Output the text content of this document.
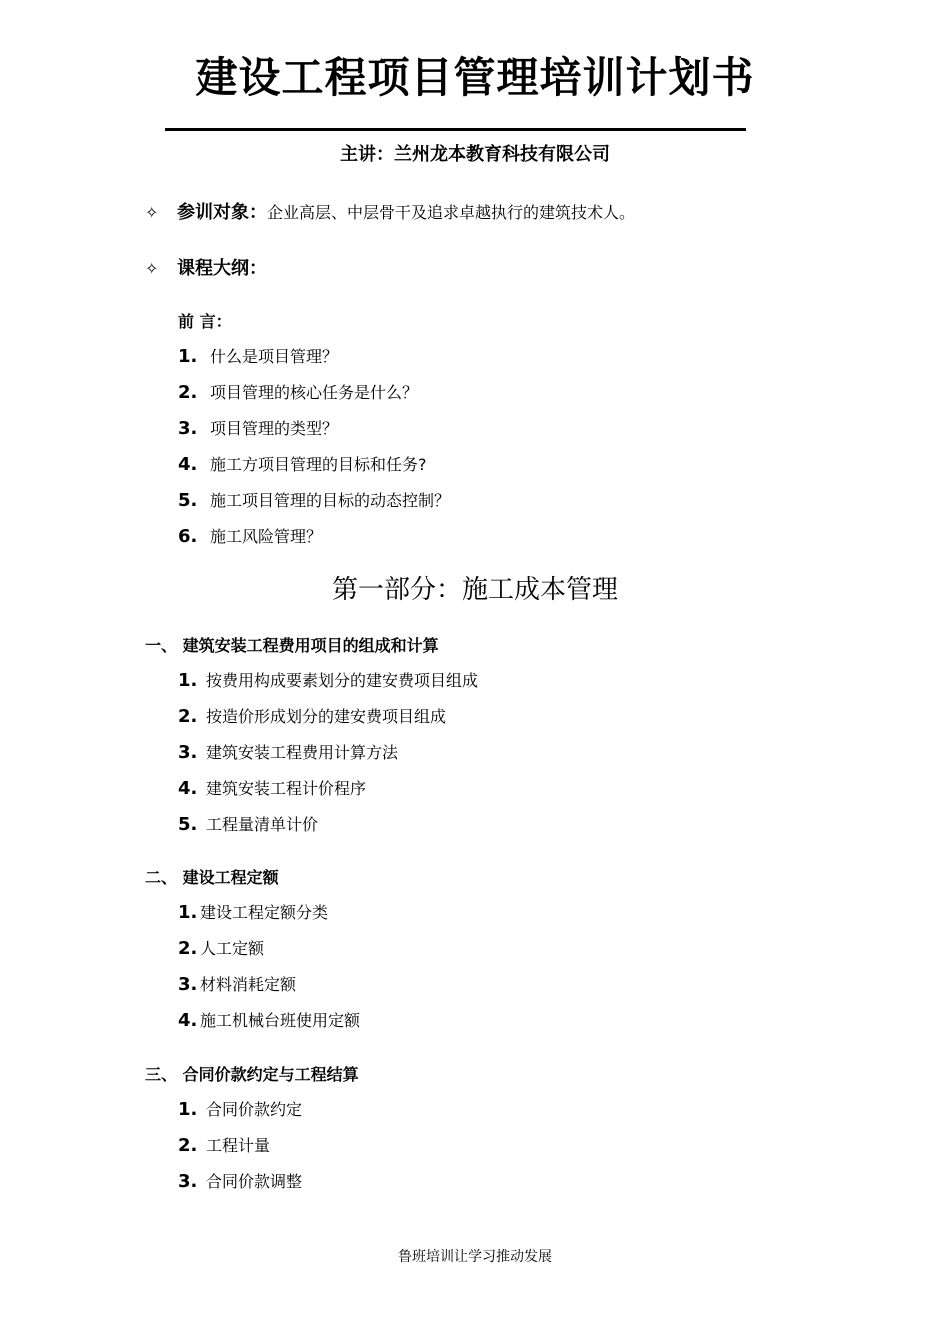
建设工程项目管理培训计划书
主讲：兰州龙本教育科技有限公司
✧ 参训对象：企业高层、中层骨干及追求卓越执行的建筑技术人。
✧ 课程大纲：
前 言：
1. 什么是项目管理？
2. 项目管理的核心任务是什么？
3. 项目管理的类型？
4. 施工方项目管理的目标和任务?
5. 施工项目管理的目标的动态控制？
6. 施工风险管理？
第一部分：施工成本管理
一、 建筑安装工程费用项目的组成和计算
1. 按费用构成要素划分的建安费项目组成
2. 按造价形成划分的建安费项目组成
3. 建筑安装工程费用计算方法
4. 建筑安装工程计价程序
5. 工程量清单计价
二、 建设工程定额
1. 建设工程定额分类
2. 人工定额
3. 材料消耗定额
4. 施工机械台班使用定额
三、 合同价款约定与工程结算
1. 合同价款约定
2. 工程计量
3. 合同价款调整
鲁班培训让学习推动发展
